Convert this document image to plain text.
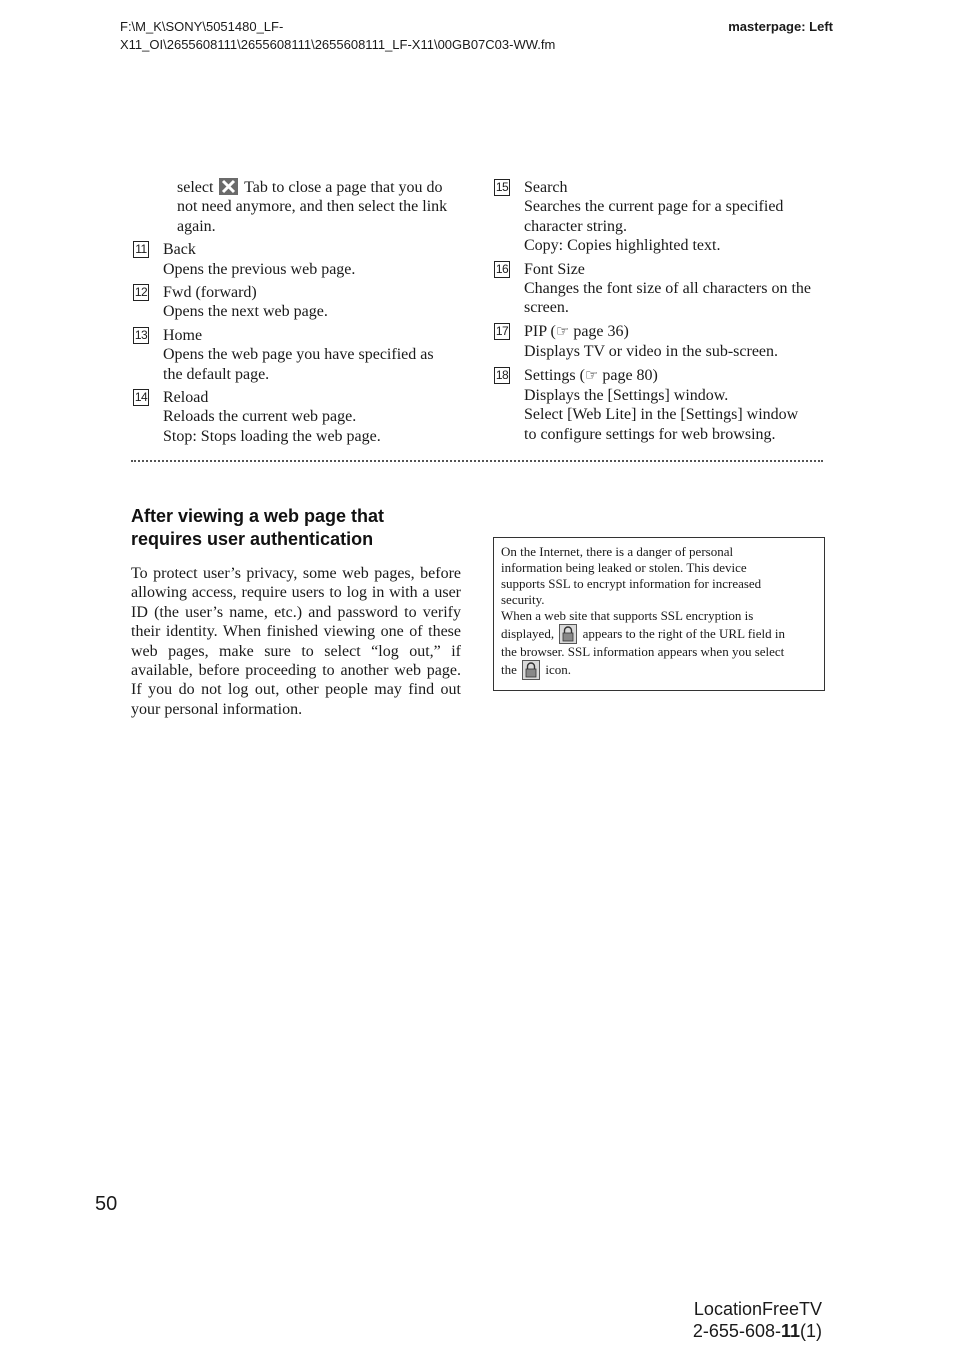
F:\M_K\SONY\5051480_LF-
X11_OI\2655608111\2655608111\2655608111_LF-X11\00GB07C03-WW.fm
masterpage: Left
select Tab to close a page that you do
not need anymore, and then select the link
again.
11 Back
Opens the previous web page.
12 Fwd (forward)
Opens the next web page.
13 Home
Opens the web page you have specified as
the default page.
14 Reload
Reloads the current web page.
Stop: Stops loading the web page.
15 Search
Searches the current page for a specified
character string.
Copy: Copies highlighted text.
16 Font Size
Changes the font size of all characters on the
screen.
17 PIP (☞ page 36)
Displays TV or video in the sub-screen.
18 Settings (☞ page 80)
Displays the [Settings] window.
Select [Web Lite] in the [Settings] window
to configure settings for web browsing.
After viewing a web page that
requires user authentication
To protect user’s privacy, some web pages, before allowing access, require users to log in with a user ID (the user’s name, etc.) and password to verify their identity. When finished viewing one of these web pages, make sure to select “log out,” if available, before proceeding to another web page. If you do not log out, other people may find out your personal information.
On the Internet, there is a danger of personal
information being leaked or stolen. This device
supports SSL to encrypt information for increased
security.
When a web site that supports SSL encryption is
displayed, appears to the right of the URL field in
the browser. SSL information appears when you select
the icon.
50
LocationFreeTV
2-655-608-11(1)
